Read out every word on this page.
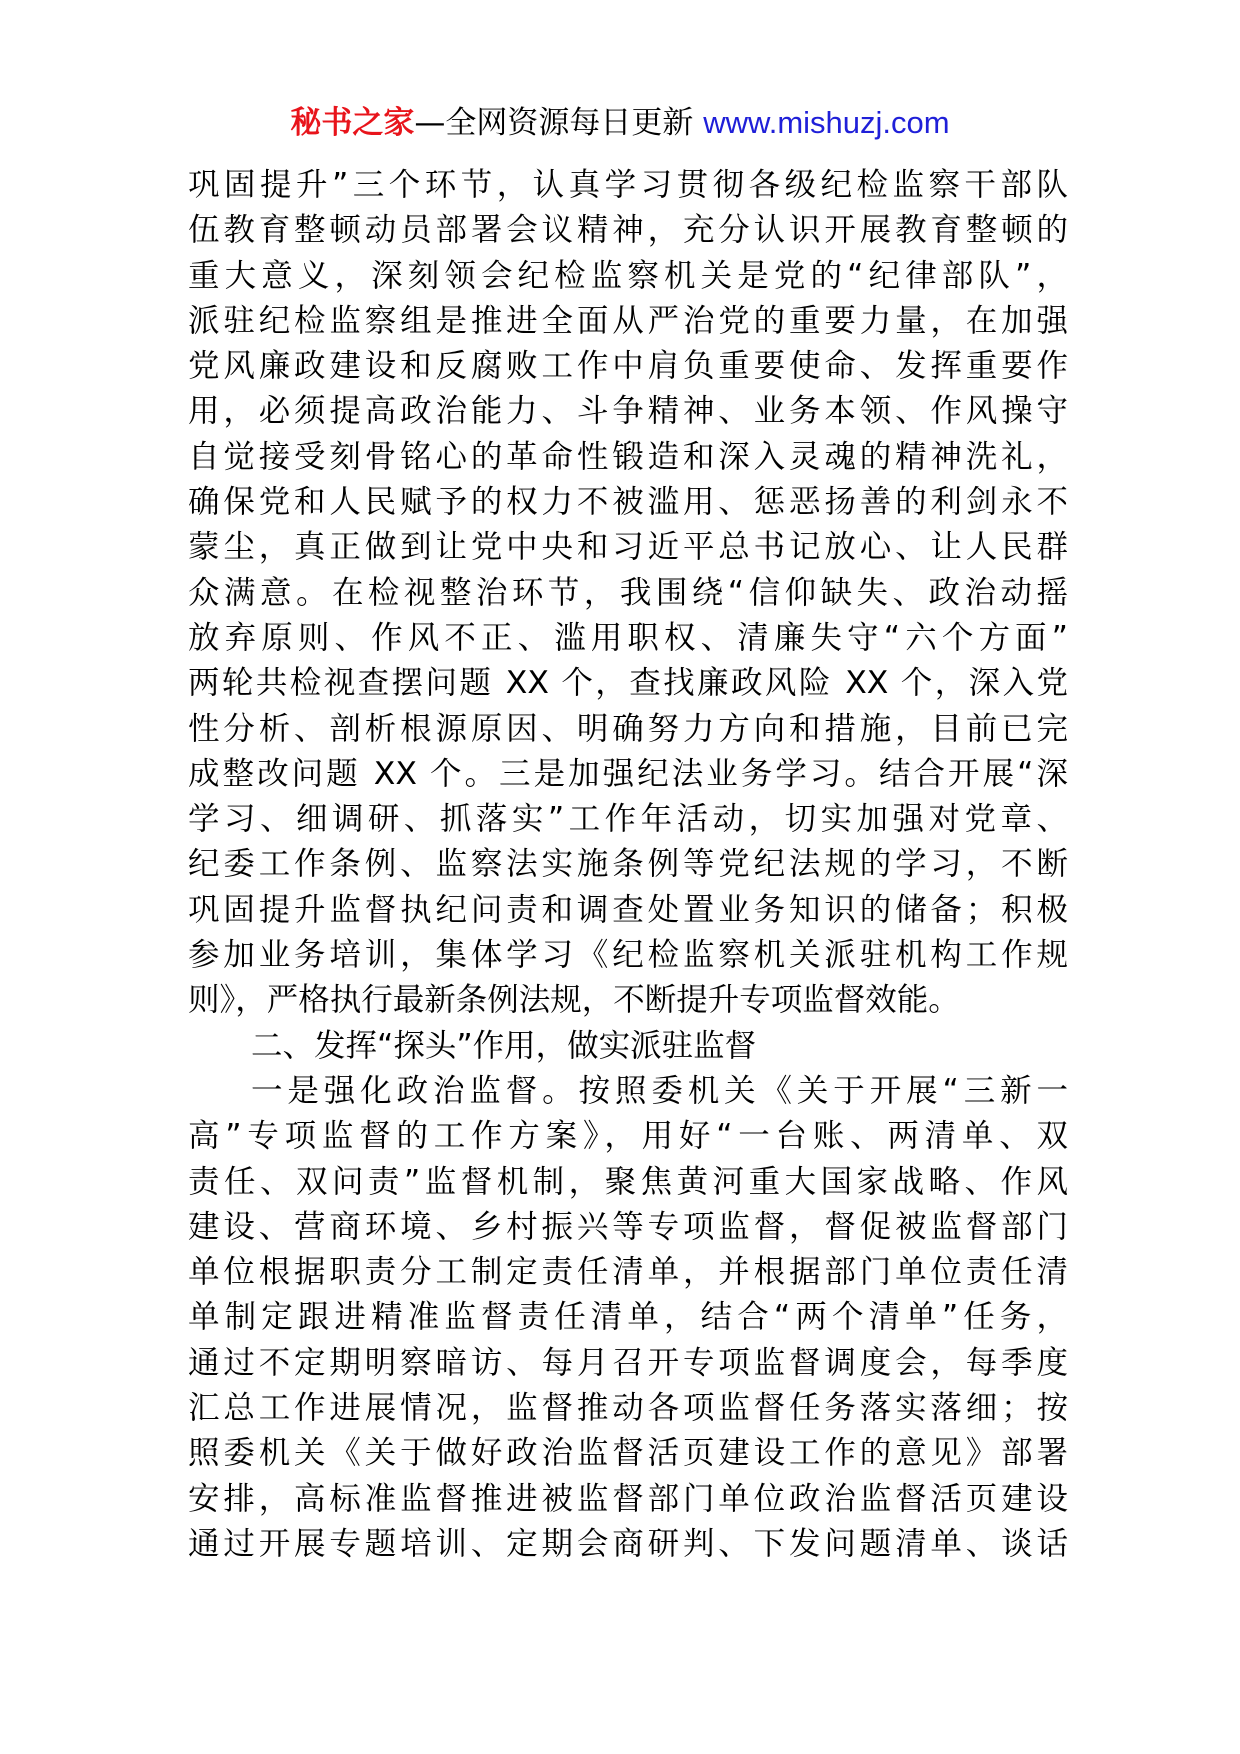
秘书之家—全网资源每日更新 www.mishuzj.com
巩固提升”三个环节，认真学习贯彻各级纪检监察干部队
伍教育整顿动员部署会议精神，充分认识开展教育整顿的
重大意义，深刻领会纪检监察机关是党的“纪律部队”，
派驻纪检监察组是推进全面从严治党的重要力量，在加强
党风廉政建设和反腐败工作中肩负重要使命、发挥重要作
用，必须提高政治能力、斗争精神、业务本领、作风操守
自觉接受刻骨铭心的革命性锻造和深入灵魂的精神洗礼，
确保党和人民赋予的权力不被滥用、惩恶扬善的利剑永不
蒙尘，真正做到让党中央和习近平总书记放心、让人民群
众满意。在检视整治环节，我围绕“信仰缺失、政治动摇
放弃原则、作风不正、滥用职权、清廉失守“六个方面”
两轮共检视查摆问题 XX 个，查找廉政风险 XX 个，深入党
性分析、剖析根源原因、明确努力方向和措施，目前已完
成整改问题 XX 个。三是加强纪法业务学习。结合开展“深
学习、细调研、抓落实”工作年活动，切实加强对党章、
纪委工作条例、监察法实施条例等党纪法规的学习，不断
巩固提升监督执纪问责和调查处置业务知识的储备；积极
参加业务培训，集体学习《纪检监察机关派驻机构工作规
则》，严格执行最新条例法规，不断提升专项监督效能。
二、发挥“探头”作用，做实派驻监督
一是强化政治监督。按照委机关《关于开展“三新一
高”专项监督的工作方案》，用好“一台账、两清单、双
责任、双问责”监督机制，聚焦黄河重大国家战略、作风
建设、营商环境、乡村振兴等专项监督，督促被监督部门
单位根据职责分工制定责任清单，并根据部门单位责任清
单制定跟进精准监督责任清单，结合“两个清单”任务，
通过不定期明察暗访、每月召开专项监督调度会，每季度
汇总工作进展情况，监督推动各项监督任务落实落细；按
照委机关《关于做好政治监督活页建设工作的意见》部署
安排，高标准监督推进被监督部门单位政治监督活页建设
通过开展专题培训、定期会商研判、下发问题清单、谈话
